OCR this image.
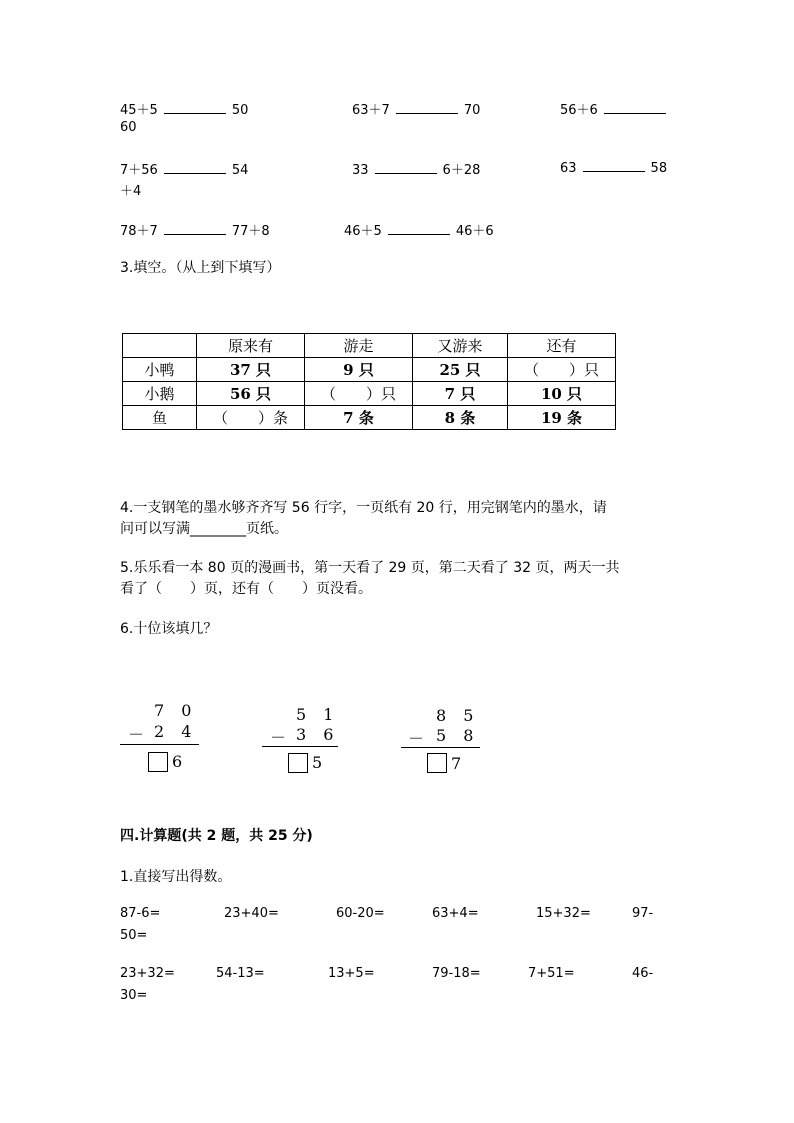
45＋5	50	63＋7	70	56＋6
60
7＋56	54	33	6＋28	63	58
＋4
78＋7	77＋8	46＋5	46＋6
3.填空。（从上到下填写）
	原来有	游走	又游来	还有
小鸭	37 只	9 只	25 只	（　　）只
小鹅	56 只	（　　）只	7 只	10 只
鱼	（　　）条	7 条	8 条	19 条
4.一支钢笔的墨水够齐齐写 56 行字，一页纸有 20 行，用完钢笔内的墨水，请
问可以写满________页纸。
5.乐乐看一本 80 页的漫画书，第一天看了 29 页，第二天看了 32 页，两天一共
看了（　　）页，还有（　　）页没看。
6.十位该填几？
7 0
－ 2 4
6
5 1
－ 3 6
5
8 5
－ 5 8
7
四.计算题(共 2 题，共 25 分)
1.直接写出得数。
87-6=	23+40=	60-20=	63+4=	15+32=	97-
50=
23+32=	54-13=	13+5=	79-18=	7+51=	46-
30=
